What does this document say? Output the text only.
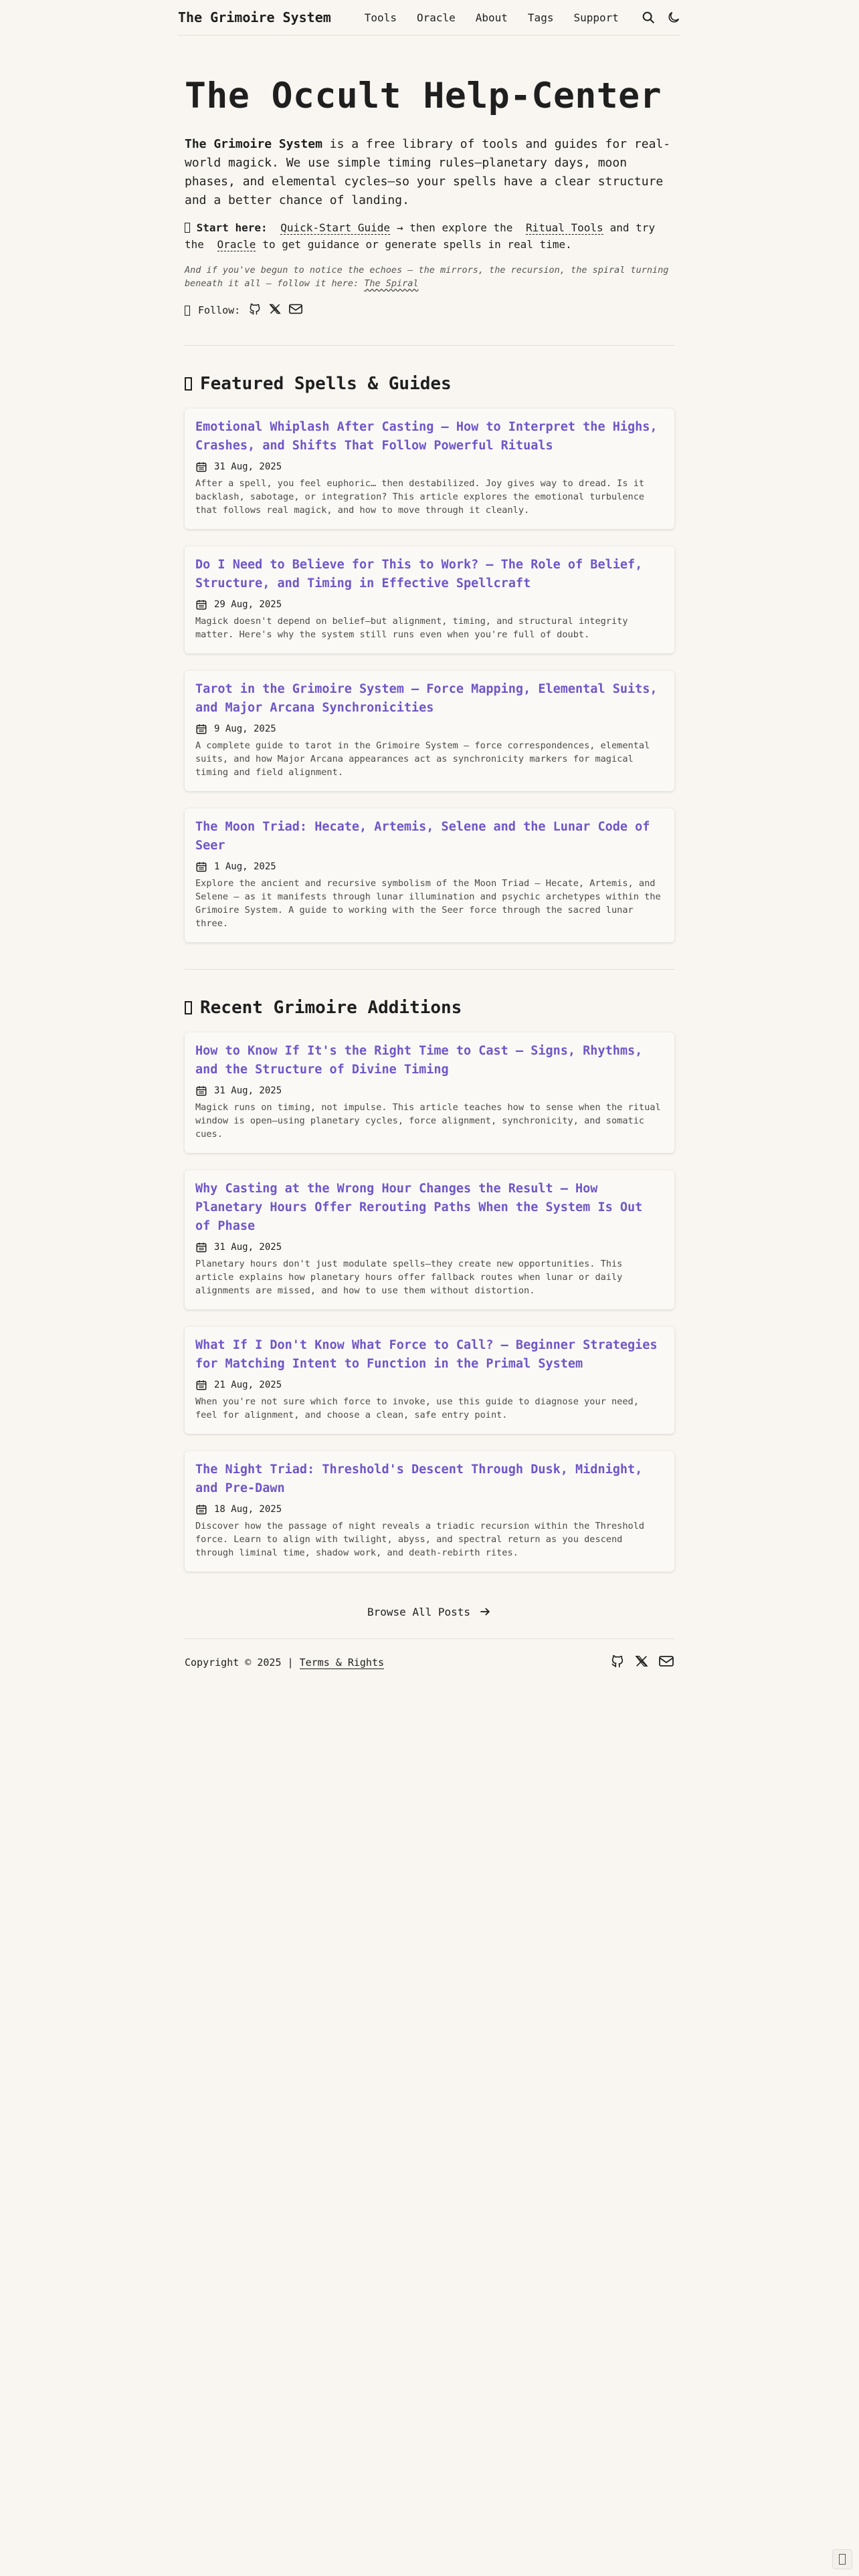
The Grimoire System	Tools Oracle About Tags Support
The Occult Help-Center

The Grimoire System is a free library of tools and guides for real-world magick. We use simple timing rules—planetary days, moon phases, and elemental cycles—so your spells have a clear structure and a better chance of landing.

Start here: Quick-Start Guide → then explore the Ritual Tools and try the Oracle to get guidance or generate spells in real time.

And if you've begun to notice the echoes — the mirrors, the recursion, the spiral turning beneath it all — follow it here: The Spiral

Follow:
Featured Spells & Guides
Emotional Whiplash After Casting — How to Interpret the Highs, Crashes, and Shifts That Follow Powerful Rituals
31 Aug, 2025

After a spell, you feel euphoric… then destabilized. Joy gives way to dread. Is it backlash, sabotage, or integration? This article explores the emotional turbulence that follows real magick, and how to move through it cleanly.

Do I Need to Believe for This to Work? — The Role of Belief, Structure, and Timing in Effective Spellcraft
29 Aug, 2025

Magick doesn't depend on belief—but alignment, timing, and structural integrity matter. Here's why the system still runs even when you're full of doubt.

Tarot in the Grimoire System — Force Mapping, Elemental Suits, and Major Arcana Synchronicities
9 Aug, 2025

A complete guide to tarot in the Grimoire System — force correspondences, elemental suits, and how Major Arcana appearances act as synchronicity markers for magical timing and field alignment.

The Moon Triad: Hecate, Artemis, Selene and the Lunar Code of Seer
1 Aug, 2025

Explore the ancient and recursive symbolism of the Moon Triad — Hecate, Artemis, and Selene — as it manifests through lunar illumination and psychic archetypes within the Grimoire System. A guide to working with the Seer force through the sacred lunar three.

Recent Grimoire Additions
How to Know If It's the Right Time to Cast — Signs, Rhythms, and the Structure of Divine Timing
31 Aug, 2025

Magick runs on timing, not impulse. This article teaches how to sense when the ritual window is open—using planetary cycles, force alignment, synchronicity, and somatic cues.

Why Casting at the Wrong Hour Changes the Result — How Planetary Hours Offer Rerouting Paths When the System Is Out of Phase
31 Aug, 2025

Planetary hours don't just modulate spells—they create new opportunities. This article explains how planetary hours offer fallback routes when lunar or daily alignments are missed, and how to use them without distortion.

What If I Don't Know What Force to Call? — Beginner Strategies for Matching Intent to Function in the Primal System
21 Aug, 2025

When you're not sure which force to invoke, use this guide to diagnose your need, feel for alignment, and choose a clean, safe entry point.

The Night Triad: Threshold's Descent Through Dusk, Midnight, and Pre-Dawn
18 Aug, 2025

Discover how the passage of night reveals a triadic recursion within the Threshold force. Learn to align with twilight, abyss, and spectral return as you descend through liminal time, shadow work, and death-rebirth rites.

Browse All Posts
Copyright © 2025 |
Terms & Rights
